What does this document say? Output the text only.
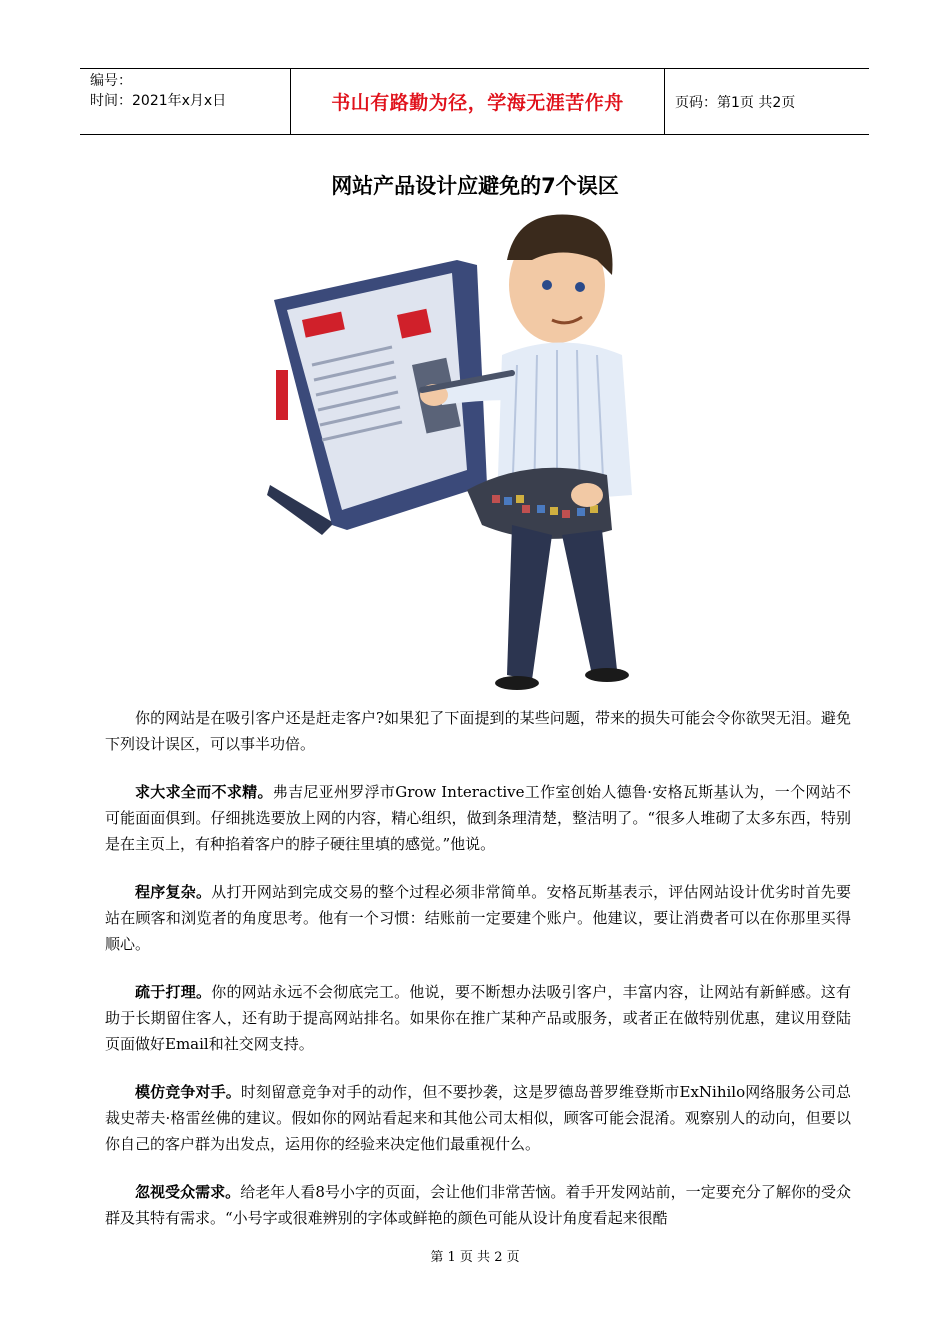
编号：
时间：2021年x月x日	书山有路勤为径，学海无涯苦作舟	页码：第1页 共2页
网站产品设计应避免的7个误区

你的网站是在吸引客户还是赶走客户?如果犯了下面提到的某些问题，带来的损失可能会令你欲哭无泪。避免下列设计误区，可以事半功倍。

求大求全而不求精。弗吉尼亚州罗浮市Grow Interactive工作室创始人德鲁·安格瓦斯基认为，一个网站不可能面面俱到。仔细挑选要放上网的内容，精心组织，做到条理清楚，整洁明了。“很多人堆砌了太多东西，特别是在主页上，有种掐着客户的脖子硬往里填的感觉。”他说。

程序复杂。从打开网站到完成交易的整个过程必须非常简单。安格瓦斯基表示，评估网站设计优劣时首先要站在顾客和浏览者的角度思考。他有一个习惯：结账前一定要建个账户。他建议，要让消费者可以在你那里买得顺心。

疏于打理。你的网站永远不会彻底完工。他说，要不断想办法吸引客户，丰富内容，让网站有新鲜感。这有助于长期留住客人，还有助于提高网站排名。如果你在推广某种产品或服务，或者正在做特别优惠，建议用登陆页面做好Email和社交网支持。

模仿竞争对手。时刻留意竞争对手的动作，但不要抄袭，这是罗德岛普罗维登斯市ExNihilo网络服务公司总裁史蒂夫·格雷丝佛的建议。假如你的网站看起来和其他公司太相似，顾客可能会混淆。观察别人的动向，但要以你自己的客户群为出发点，运用你的经验来决定他们最重视什么。

忽视受众需求。给老年人看8号小字的页面，会让他们非常苦恼。着手开发网站前，一定要充分了解你的受众群及其特有需求。“小号字或很难辨别的字体或鲜艳的颜色可能从设计角度看起来很酷

第 1 页 共 2 页
